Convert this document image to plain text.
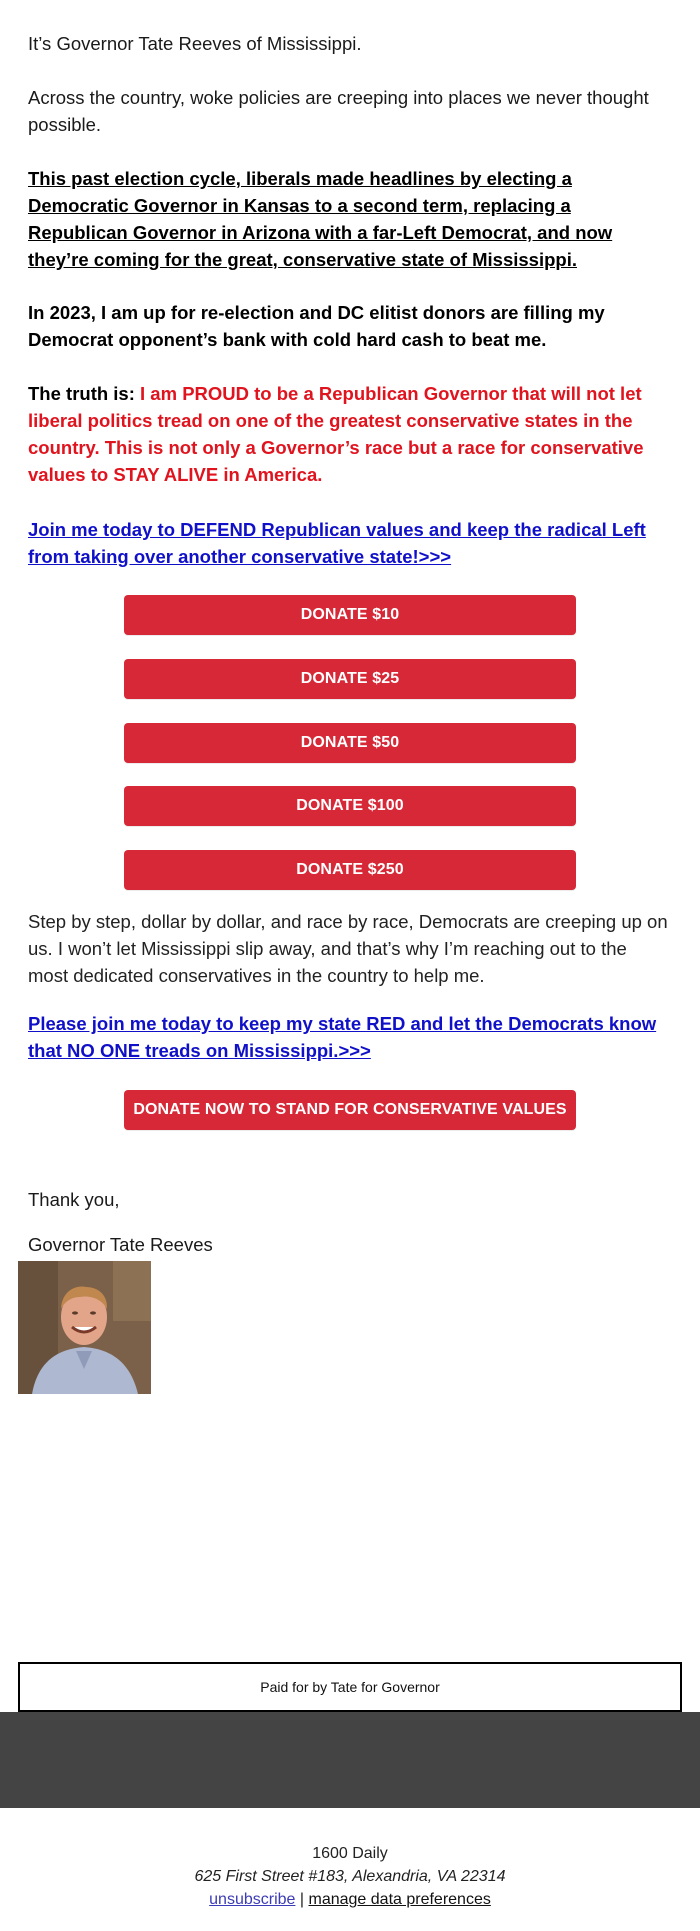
It’s Governor Tate Reeves of Mississippi.

Across the country, woke policies are creeping into places we never thought possible.

This past election cycle, liberals made headlines by electing a Democratic Governor in Kansas to a second term, replacing a Republican Governor in Arizona with a far-Left Democrat, and now they’re coming for the great, conservative state of Mississippi.

In 2023, I am up for re-election and DC elitist donors are filling my Democrat opponent’s bank with cold hard cash to beat me.

The truth is: I am PROUD to be a Republican Governor that will not let liberal politics tread on one of the greatest conservative states in the country. This is not only a Governor’s race but a race for conservative values to STAY ALIVE in America.

Join me today to DEFEND Republican values and keep the radical Left from taking over another conservative state!>>>

DONATE $10
DONATE $25
DONATE $50
DONATE $100
DONATE $250

Step by step, dollar by dollar, and race by race, Democrats are creeping up on us. I won’t let Mississippi slip away, and that’s why I’m reaching out to the most dedicated conservatives in the country to help me.

Please join me today to keep my state RED and let the Democrats know that NO ONE treads on Mississippi.>>>

Thank you,

Governor Tate Reeves

DONATE NOW TO STAND FOR CONSERVATIVE VALUES
Paid for by Tate for Governor
1600 Daily
625 First Street #183, Alexandria, VA 22314
unsubscribe | manage data preferences
